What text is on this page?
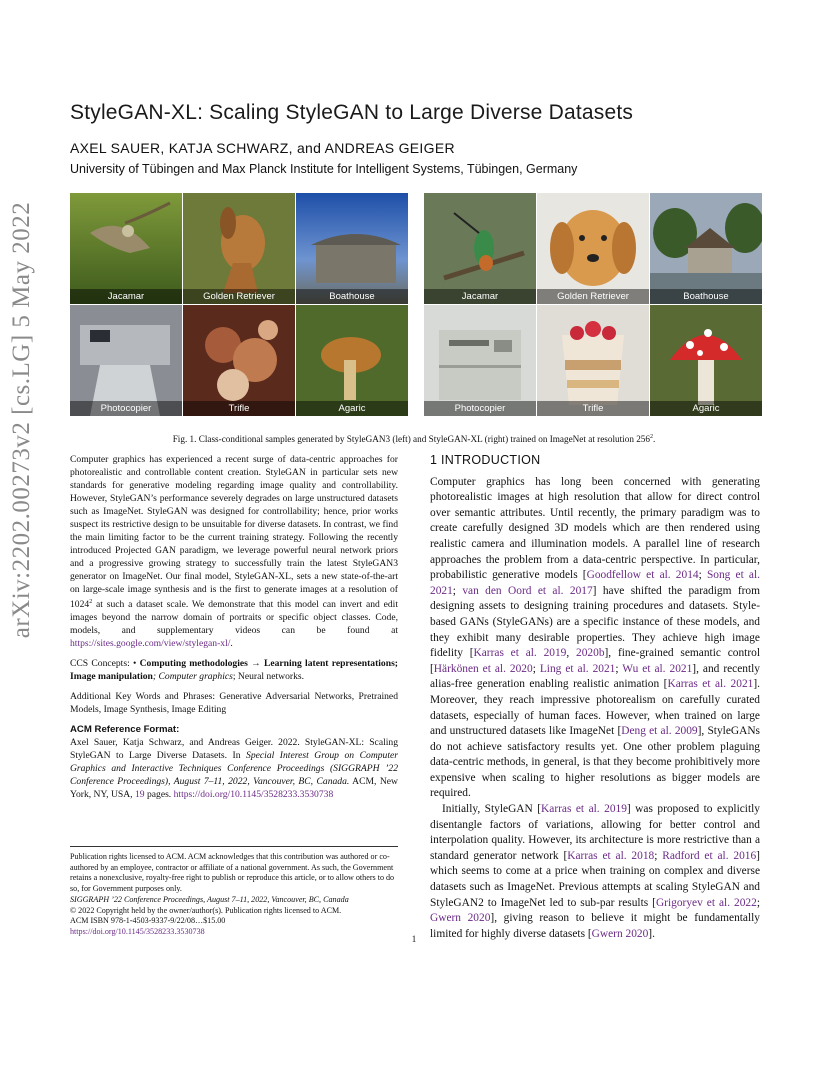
arXiv:2202.00273v2 [cs.LG] 5 May 2022
StyleGAN-XL: Scaling StyleGAN to Large Diverse Datasets
AXEL SAUER, KATJA SCHWARZ, and ANDREAS GEIGER
University of Tübingen and Max Planck Institute for Intelligent Systems, Tübingen, Germany
Jacamar	Golden Retriever	Boathouse
Photocopier	Trifle	Agaric
Jacamar	Golden Retriever	Boathouse
Photocopier	Trifle	Agaric
Fig. 1. Class-conditional samples generated by StyleGAN3 (left) and StyleGAN-XL (right) trained on ImageNet at resolution $256^2$.

Computer graphics has experienced a recent surge of data-centric approaches for photorealistic and controllable content creation. StyleGAN in particular sets new standards for generative modeling regarding image quality and controllability. However, StyleGAN’s performance severely degrades on large unstructured datasets such as ImageNet. StyleGAN was designed for controllability; hence, prior works suspect its restrictive design to be unsuitable for diverse datasets. In contrast, we find the main limiting factor to be the current training strategy. Following the recently introduced Projected GAN paradigm, we leverage powerful neural network priors and a progressive growing strategy to successfully train the latest StyleGAN3 generator on ImageNet. Our final model, StyleGAN-XL, sets a new state-of-the-art on large-scale image synthesis and is the first to generate images at a resolution of 1024$^2$ at such a dataset scale. We demonstrate that this model can invert and edit images beyond the narrow domain of portraits or specific object classes. Code, models, and supplementary videos can be found at https://sites.google.com/view/stylegan-xl/.

CCS Concepts: • Computing methodologies → Learning latent representations; Image manipulation; Computer graphics; Neural networks.

Additional Key Words and Phrases: Generative Adversarial Networks, Pretrained Models, Image Synthesis, Image Editing

ACM Reference Format:

Axel Sauer, Katja Schwarz, and Andreas Geiger. 2022. StyleGAN-XL: Scaling StyleGAN to Large Diverse Datasets. In Special Interest Group on Computer Graphics and Interactive Techniques Conference Proceedings (SIGGRAPH ’22 Conference Proceedings), August 7–11, 2022, Vancouver, BC, Canada. ACM, New York, NY, USA, 19 pages. https://doi.org/10.1145/3528233.3530738

Publication rights licensed to ACM. ACM acknowledges that this contribution was authored or co-authored by an employee, contractor or affiliate of a national government. As such, the Government retains a nonexclusive, royalty-free right to publish or reproduce this article, or to allow others to do so, for Government purposes only.
SIGGRAPH ’22 Conference Proceedings, August 7–11, 2022, Vancouver, BC, Canada
© 2022 Copyright held by the owner/author(s). Publication rights licensed to ACM.
ACM ISBN 978-1-4503-9337-9/22/08…$15.00
https://doi.org/10.1145/3528233.3530738
1 INTRODUCTION

Computer graphics has long been concerned with generating photorealistic images at high resolution that allow for direct control over semantic attributes. Until recently, the primary paradigm was to create carefully designed 3D models which are then rendered using realistic camera and illumination models. A parallel line of research approaches the problem from a data-centric perspective. In particular, probabilistic generative models [Goodfellow et al. 2014; Song et al. 2021; van den Oord et al. 2017] have shifted the paradigm from designing assets to designing training procedures and datasets. Style-based GANs (StyleGANs) are a specific instance of these models, and they exhibit many desirable properties. They achieve high image fidelity [Karras et al. 2019, 2020b], fine-grained semantic control [Härkönen et al. 2020; Ling et al. 2021; Wu et al. 2021], and recently alias-free generation enabling realistic animation [Karras et al. 2021]. Moreover, they reach impressive photorealism on carefully curated datasets, especially of human faces. However, when trained on large and unstructured datasets like ImageNet [Deng et al. 2009], StyleGANs do not achieve satisfactory results yet. One other problem plaguing data-centric methods, in general, is that they become prohibitively more expensive when scaling to higher resolutions as bigger models are required.

Initially, StyleGAN [Karras et al. 2019] was proposed to explicitly disentangle factors of variations, allowing for better control and interpolation quality. However, its architecture is more restrictive than a standard generator network [Karras et al. 2018; Radford et al. 2016] which seems to come at a price when training on complex and diverse datasets such as ImageNet. Previous attempts at scaling StyleGAN and StyleGAN2 to ImageNet led to sub-par results [Grigoryev et al. 2022; Gwern 2020], giving reason to believe it might be fundamentally limited for highly diverse datasets [Gwern 2020].

1
